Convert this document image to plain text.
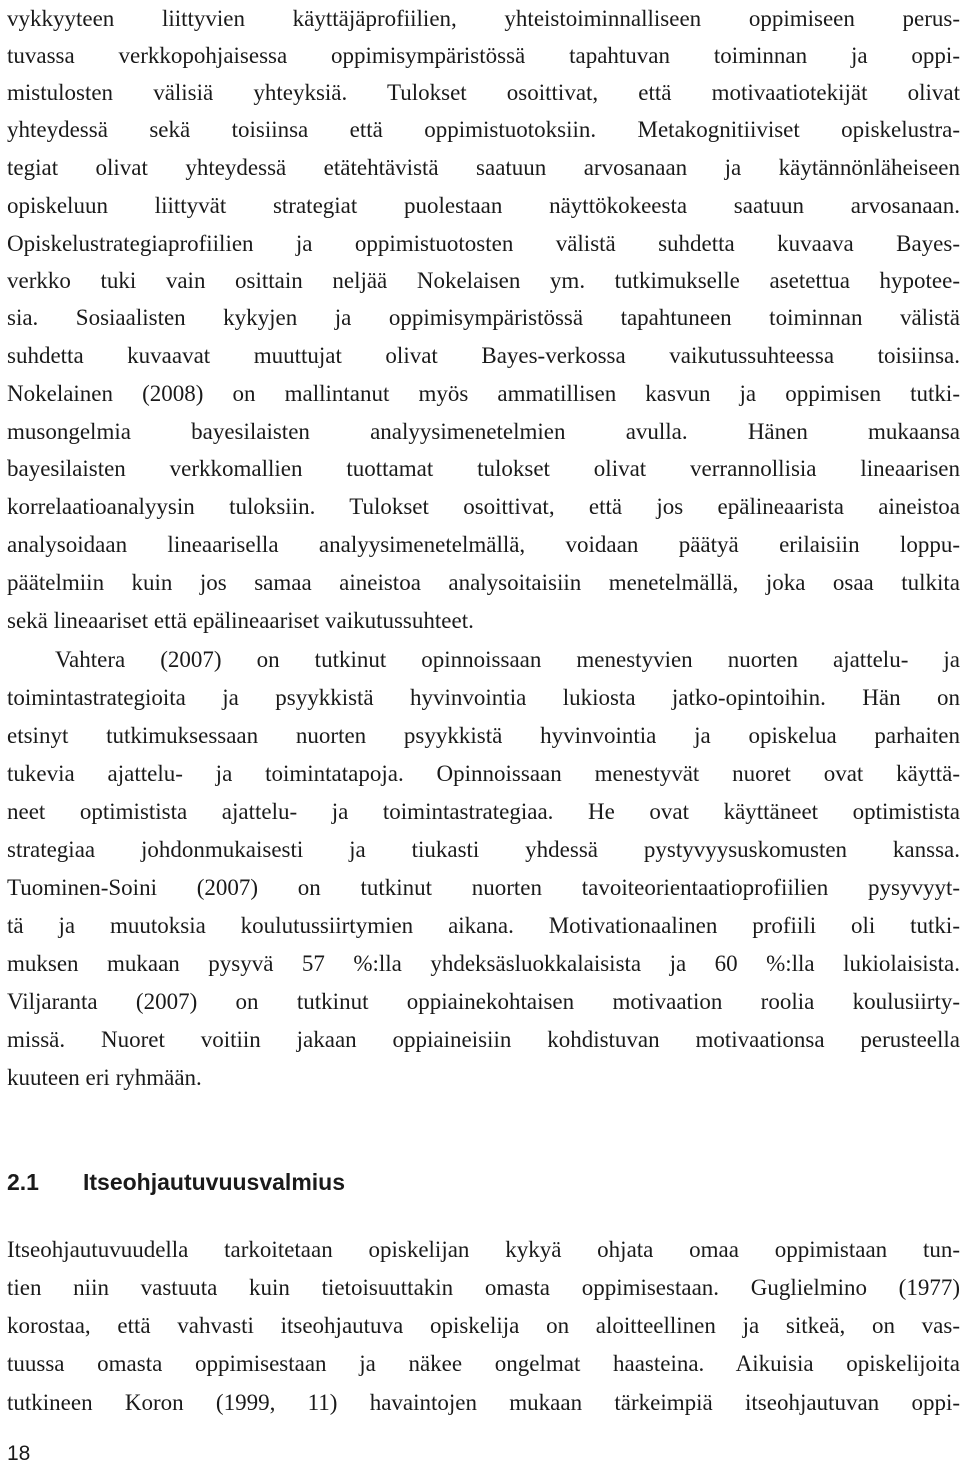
vykkyyteen liittyvien käyttäjäprofiilien, yhteistoiminnalliseen oppimiseen perus-
tuvassa verkkopohjaisessa oppimisympäristössä tapahtuvan toiminnan ja oppi-
mistulosten välisiä yhteyksiä. Tulokset osoittivat, että motivaatiotekijät olivat
yhteydessä sekä toisiinsa että oppimistuotoksiin. Metakognitiiviset opiskelustra-
tegiat olivat yhteydessä etätehtävistä saatuun arvosanaan ja käytännönläheiseen
opiskeluun liittyvät strategiat puolestaan näyttökokeesta saatuun arvosanaan.
Opiskelustrategiaprofiilien ja oppimistuotosten välistä suhdetta kuvaava Bayes-
verkko tuki vain osittain neljää Nokelaisen ym. tutkimukselle asetettua hypotee-
sia. Sosiaalisten kykyjen ja oppimisympäristössä tapahtuneen toiminnan välistä
suhdetta kuvaavat muuttujat olivat Bayes-verkossa vaikutussuhteessa toisiinsa.
Nokelainen (2008) on mallintanut myös ammatillisen kasvun ja oppimisen tutki-
musongelmia bayesilaisten analyysimenetelmien avulla. Hänen mukaansa
bayesilaisten verkkomallien tuottamat tulokset olivat verrannollisia lineaarisen
korrelaatioanalyysin tuloksiin. Tulokset osoittivat, että jos epälineaarista aineistoa
analysoidaan lineaarisella analyysimenetelmällä, voidaan päätyä erilaisiin loppu-
päätelmiin kuin jos samaa aineistoa analysoitaisiin menetelmällä, joka osaa tulkita
sekä lineaariset että epälineaariset vaikutussuhteet.
Vahtera (2007) on tutkinut opinnoissaan menestyvien nuorten ajattelu- ja
toimintastrategioita ja psyykkistä hyvinvointia lukiosta jatko-opintoihin. Hän on
etsinyt tutkimuksessaan nuorten psyykkistä hyvinvointia ja opiskelua parhaiten
tukevia ajattelu- ja toimintatapoja. Opinnoissaan menestyvät nuoret ovat käyttä-
neet optimistista ajattelu- ja toimintastrategiaa. He ovat käyttäneet optimistista
strategiaa johdonmukaisesti ja tiukasti yhdessä pystyvyysuskomusten kanssa.
Tuominen-Soini (2007) on tutkinut nuorten tavoiteorientaatioprofiilien pysyvyyt-
tä ja muutoksia koulutussiirtymien aikana. Motivationaalinen profiili oli tutki-
muksen mukaan pysyvä 57 %:lla yhdeksäsluokkalaisista ja 60 %:lla lukiolaisista.
Viljaranta (2007) on tutkinut oppiainekohtaisen motivaation roolia koulusiirty-
missä. Nuoret voitiin jakaan oppiaineisiin kohdistuvan motivaationsa perusteella
kuuteen eri ryhmään.
2.1 Itseohjautuvuusvalmius
Itseohjautuvuudella tarkoitetaan opiskelijan kykyä ohjata omaa oppimistaan tun-
tien niin vastuuta kuin tietoisuuttakin omasta oppimisestaan. Guglielmino (1977)
korostaa, että vahvasti itseohjautuva opiskelija on aloitteellinen ja sitkeä, on vas-
tuussa omasta oppimisestaan ja näkee ongelmat haasteina. Aikuisia opiskelijoita
tutkineen Koron (1999, 11) havaintojen mukaan tärkeimpiä itseohjautuvan oppi-
18
